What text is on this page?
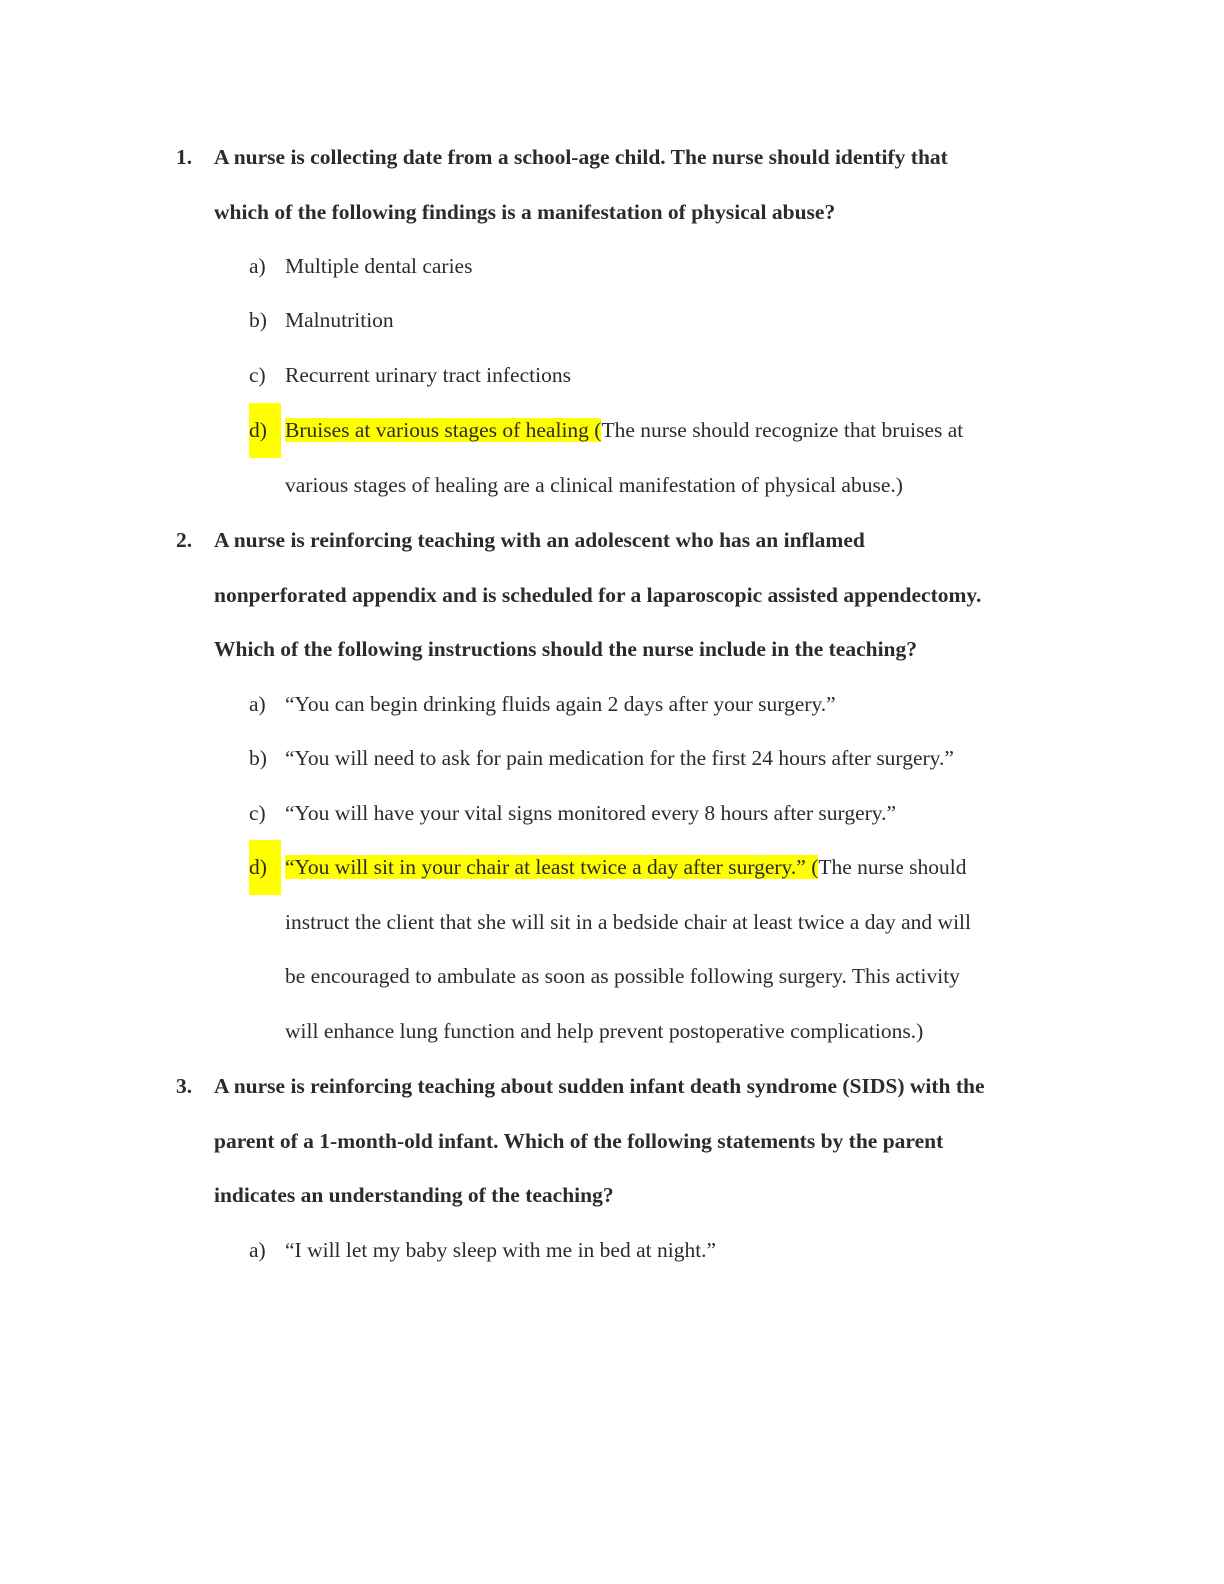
1. A nurse is collecting date from a school-age child. The nurse should identify that
which of the following findings is a manifestation of physical abuse?
a) Multiple dental caries
b) Malnutrition
c) Recurrent urinary tract infections
d) Bruises at various stages of healing (The nurse should recognize that bruises at
various stages of healing are a clinical manifestation of physical abuse.)
2. A nurse is reinforcing teaching with an adolescent who has an inflamed
nonperforated appendix and is scheduled for a laparoscopic assisted appendectomy.
Which of the following instructions should the nurse include in the teaching?
a) “You can begin drinking fluids again 2 days after your surgery.”
b) “You will need to ask for pain medication for the first 24 hours after surgery.”
c) “You will have your vital signs monitored every 8 hours after surgery.”
d) “You will sit in your chair at least twice a day after surgery.” (The nurse should
instruct the client that she will sit in a bedside chair at least twice a day and will
be encouraged to ambulate as soon as possible following surgery. This activity
will enhance lung function and help prevent postoperative complications.)
3. A nurse is reinforcing teaching about sudden infant death syndrome (SIDS) with the
parent of a 1-month-old infant. Which of the following statements by the parent
indicates an understanding of the teaching?
a) “I will let my baby sleep with me in bed at night.”
